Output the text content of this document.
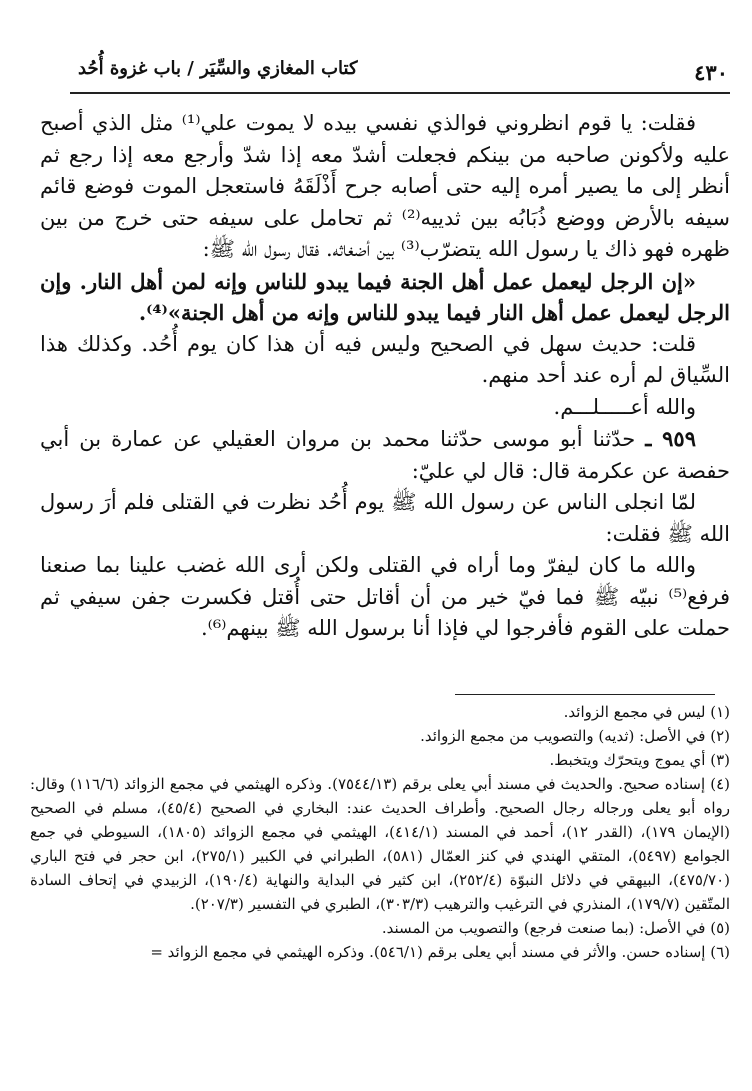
٤٣٠
كتاب المغازي والسِّيَر / باب غزوة أُحُد

فقلت: يا قوم انظروني فوالذي نفسي بيده لا يموت علي⁽¹⁾ مثل الذي أصبح عليه ولأكونن صاحبه من بينكم فجعلت أشدّ معه إذا شدّ وأرجع معه إذا رجع ثم أنظر إلى ما يصير أمره إليه حتى أصابه جرح أَذْلَقَهُ فاستعجل الموت فوضع قائم سيفه بالأرض ووضع ذُبَابُه بين ثدييه⁽²⁾ ثم تحامل على سيفه حتى خرج من بين ظهره فهو ذاك يا رسول الله يتضرّب⁽³⁾ بين أضغاثه. فقال رسول الله ﷺ:

«إن الرجل ليعمل عمل أهل الجنة فيما يبدو للناس وإنه لمن أهل النار. وإن الرجل ليعمل عمل أهل النار فيما يبدو للناس وإنه من أهل الجنة»⁽⁴⁾.

قلت: حديث سهل في الصحيح وليس فيه أن هذا كان يوم أُحُد. وكذلك هذا السِّياق لم أره عند أحد منهم.

والله أعـــــلـــم.

٩٥٩ ـ حدّثنا أبو موسى حدّثنا محمد بن مروان العقيلي عن عمارة بن أبي حفصة عن عكرمة قال: قال لي عليّ:

لمّا انجلى الناس عن رسول الله ﷺ يوم أُحُد نظرت في القتلى فلم أرَ رسول الله ﷺ فقلت:

والله ما كان ليفرّ وما أراه في القتلى ولكن أرى الله غضب علينا بما صنعنا فرفع⁽⁵⁾ نبيّه ﷺ فما فيّ خير من أن أقاتل حتى أُقتل فكسرت جفن سيفي ثم حملت على القوم فأفرجوا لي فإذا أنا برسول الله ﷺ بينهم⁽⁶⁾.

(١) ليس في مجمع الزوائد.

(٢) في الأصل: (ثديه) والتصويب من مجمع الزوائد.

(٣) أي يموج ويتحرّك ويتخبط.

(٤) إسناده صحيح. والحديث في مسند أبي يعلى برقم (٧٥٤٤/١٣). وذكره الهيثمي في مجمع الزوائد (١١٦/٦) وقال: رواه أبو يعلى ورجاله رجال الصحيح. وأطراف الحديث عند: البخاري في الصحيح (٤٥/٤)، مسلم في الصحيح (الإيمان ١٧٩)، (القدر ١٢)، أحمد في المسند (٤١٤/١)، الهيثمي في مجمع الزوائد (١٨٠٥)، السيوطي في جمع الجوامع (٥٤٩٧)، المتقي الهندي في كنز العمّال (٥٨١)، الطبراني في الكبير (٢٧٥/١)، ابن حجر في فتح الباري (٤٧٥/٧٠)، البيهقي في دلائل النبوّة (٢٥٢/٤)، ابن كثير في البداية والنهاية (١٩٠/٤)، الزبيدي في إتحاف السادة المتّقين (١٧٩/٧)، المنذري في الترغيب والترهيب (٣٠٣/٣)، الطبري في التفسير (٢٠٧/٣).

(٥) في الأصل: (بما صنعت فرجع) والتصويب من المسند.

(٦) إسناده حسن. والأثر في مسند أبي يعلى برقم (٥٤٦/١). وذكره الهيثمي في مجمع الزوائد =
